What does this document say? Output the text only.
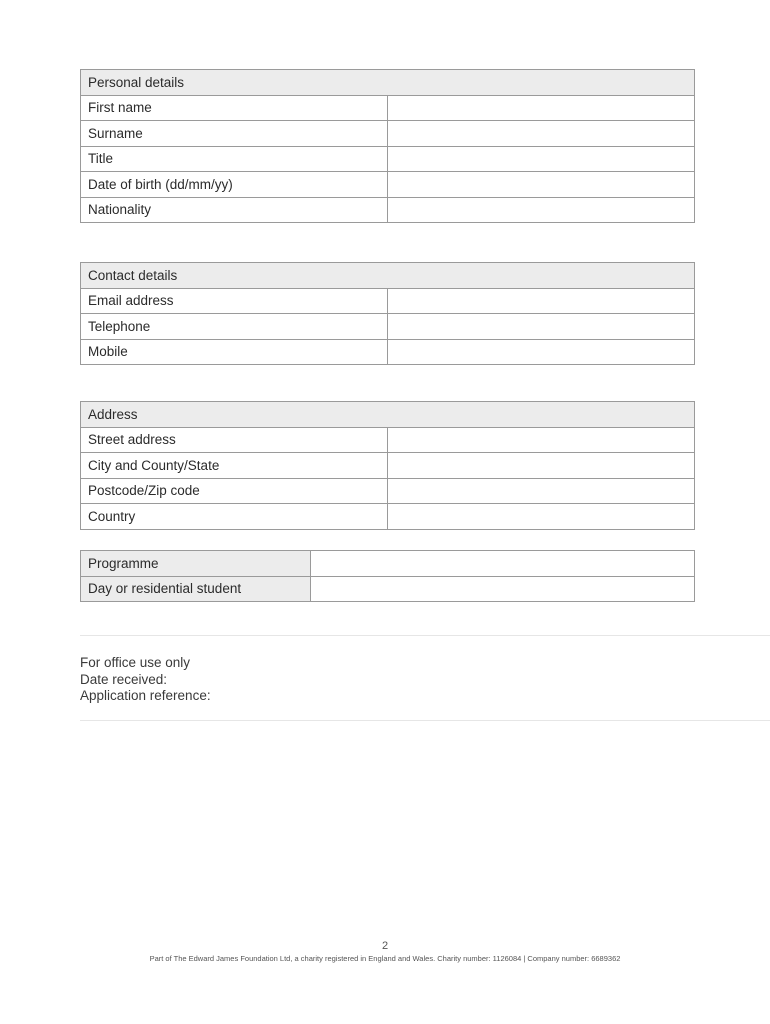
Personal details	
First name	
Surname	
Title	
Date of birth (dd/mm/yy)	
Nationality	
Contact details	
Email address	
Telephone	
Mobile	
Address	
Street address	
City and County/State	
Postcode/Zip code	
Country	
Programme	
Day or residential student	
For office use only
Date received:
Application reference:
2
Part of The Edward James Foundation Ltd, a charity registered in England and Wales. Charity number: 1126084 | Company number: 6689362
